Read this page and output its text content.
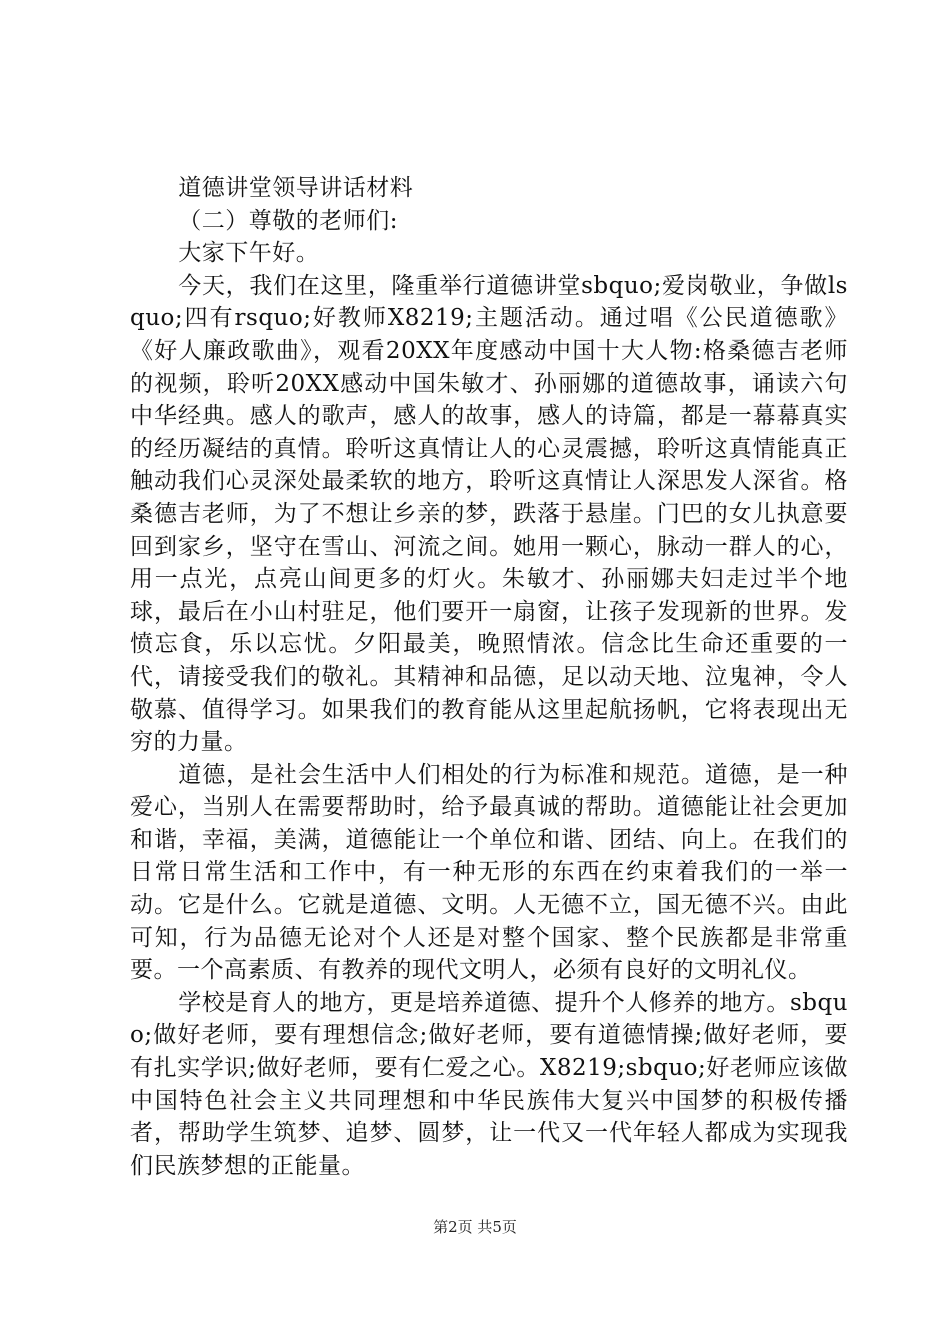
道德讲堂领导讲话材料

（二）尊敬的老师们:

大家下午好。

今天，我们在这里，隆重举行道德讲堂sbquo;爱岗敬业，争做lsquo;四有rsquo;好教师X8219;主题活动。通过唱《公民道德歌》《好人廉政歌曲》，观看20XX年度感动中国十大人物:格桑德吉老师的视频，聆听20XX感动中国朱敏才、孙丽娜的道德故事，诵读六句中华经典。感人的歌声，感人的故事，感人的诗篇，都是一幕幕真实的经历凝结的真情。聆听这真情让人的心灵震撼，聆听这真情能真正触动我们心灵深处最柔软的地方，聆听这真情让人深思发人深省。格桑德吉老师，为了不想让乡亲的梦，跌落于悬崖。门巴的女儿执意要回到家乡，坚守在雪山、河流之间。她用一颗心，脉动一群人的心，用一点光，点亮山间更多的灯火。朱敏才、孙丽娜夫妇走过半个地球，最后在小山村驻足，他们要开一扇窗，让孩子发现新的世界。发愤忘食，乐以忘忧。夕阳最美，晚照情浓。信念比生命还重要的一代，请接受我们的敬礼。其精神和品德，足以动天地、泣鬼神，令人敬慕、值得学习。如果我们的教育能从这里起航扬帆，它将表现出无穷的力量。

道德，是社会生活中人们相处的行为标准和规范。道德，是一种爱心，当别人在需要帮助时，给予最真诚的帮助。道德能让社会更加和谐，幸福，美满，道德能让一个单位和谐、团结、向上。在我们的日常日常生活和工作中，有一种无形的东西在约束着我们的一举一动。它是什么。它就是道德、文明。人无德不立，国无德不兴。由此可知，行为品德无论对个人还是对整个国家、整个民族都是非常重要。一个高素质、有教养的现代文明人，必须有良好的文明礼仪。

学校是育人的地方，更是培养道德、提升个人修养的地方。sbquo;做好老师，要有理想信念;做好老师，要有道德情操;做好老师，要有扎实学识;做好老师，要有仁爱之心。X8219;sbquo;好老师应该做中国特色社会主义共同理想和中华民族伟大复兴中国梦的积极传播者，帮助学生筑梦、追梦、圆梦，让一代又一代年轻人都成为实现我们民族梦想的正能量。

第2页 共5页
